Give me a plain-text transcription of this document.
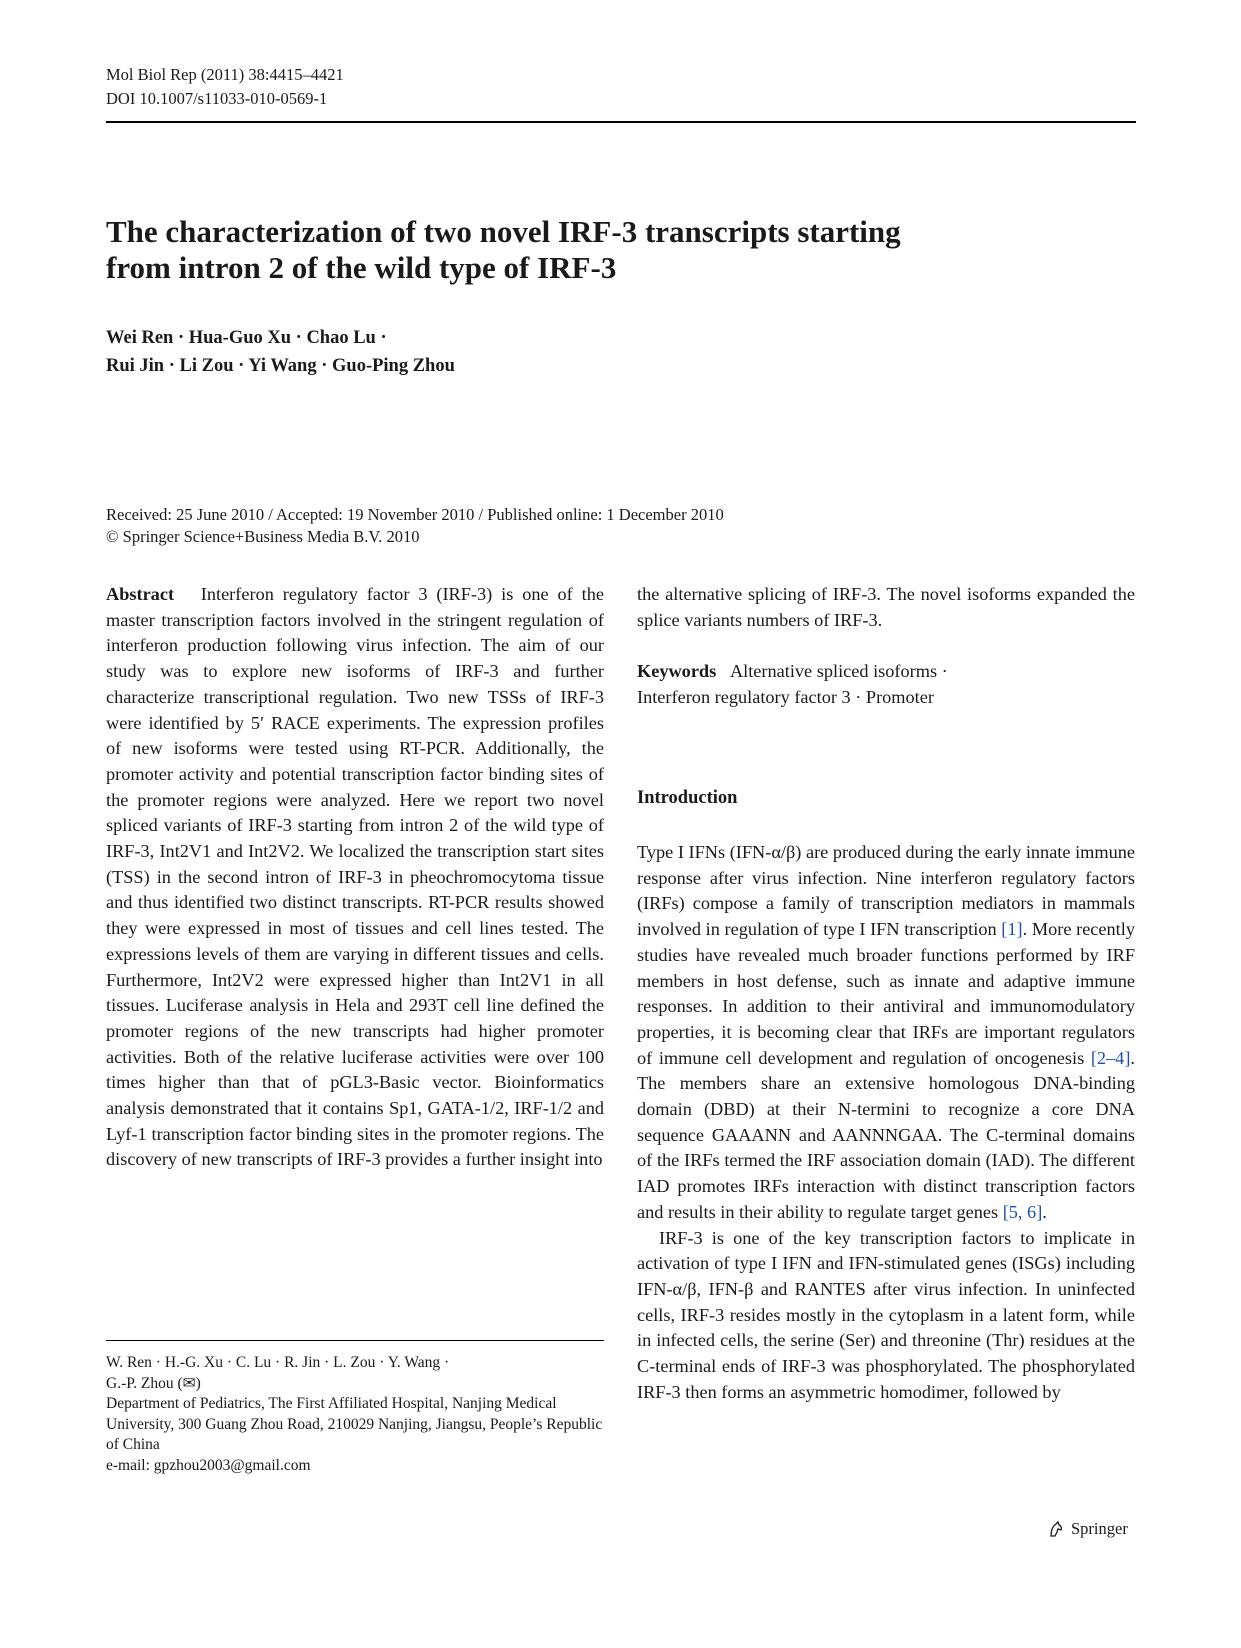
Mol Biol Rep (2011) 38:4415–4421
DOI 10.1007/s11033-010-0569-1
The characterization of two novel IRF-3 transcripts starting
from intron 2 of the wild type of IRF-3
Wei Ren · Hua-Guo Xu · Chao Lu ·
Rui Jin · Li Zou · Yi Wang · Guo-Ping Zhou
Received: 25 June 2010 / Accepted: 19 November 2010 / Published online: 1 December 2010
© Springer Science+Business Media B.V. 2010

Abstract Interferon regulatory factor 3 (IRF-3) is one of the master transcription factors involved in the stringent regulation of interferon production following virus infection. The aim of our study was to explore new isoforms of IRF-3 and further characterize transcriptional regulation. Two new TSSs of IRF-3 were identified by 5′ RACE experiments. The expression profiles of new isoforms were tested using RT-PCR. Additionally, the promoter activity and potential transcription factor binding sites of the promoter regions were analyzed. Here we report two novel spliced variants of IRF-3 starting from intron 2 of the wild type of IRF-3, Int2V1 and Int2V2. We localized the transcription start sites (TSS) in the second intron of IRF-3 in pheochromocytoma tissue and thus identified two distinct transcripts. RT-PCR results showed they were expressed in most of tissues and cell lines tested. The expressions levels of them are varying in different tissues and cells. Furthermore, Int2V2 were expressed higher than Int2V1 in all tissues. Luciferase analysis in Hela and 293T cell line defined the promoter regions of the new transcripts had higher promoter activities. Both of the relative luciferase activities were over 100 times higher than that of pGL3-Basic vector. Bioinformatics analysis demonstrated that it contains Sp1, GATA-1/2, IRF-1/2 and Lyf-1 transcription factor binding sites in the promoter regions. The discovery of new transcripts of IRF-3 provides a further insight into

W. Ren · H.-G. Xu · C. Lu · R. Jin · L. Zou · Y. Wang ·

G.-P. Zhou (✉)

Department of Pediatrics, The First Affiliated Hospital, Nanjing Medical University, 300 Guang Zhou Road, 210029 Nanjing, Jiangsu, People’s Republic of China

e-mail: gpzhou2003@gmail.com

the alternative splicing of IRF-3. The novel isoforms expanded the splice variants numbers of IRF-3.

Keywords Alternative spliced isoforms ·
Interferon regulatory factor 3 · Promoter
Introduction

Type I IFNs (IFN-α/β) are produced during the early innate immune response after virus infection. Nine interferon regulatory factors (IRFs) compose a family of transcription mediators in mammals involved in regulation of type I IFN transcription [1]. More recently studies have revealed much broader functions performed by IRF members in host defense, such as innate and adaptive immune responses. In addition to their antiviral and immunomodulatory properties, it is becoming clear that IRFs are important regulators of immune cell development and regulation of oncogenesis [2–4]. The members share an extensive homologous DNA-binding domain (DBD) at their N-termini to recognize a core DNA sequence GAAANN and AANNNGAA. The C-terminal domains of the IRFs termed the IRF association domain (IAD). The different IAD promotes IRFs interaction with distinct transcription factors and results in their ability to regulate target genes [5, 6].

IRF-3 is one of the key transcription factors to implicate in activation of type I IFN and IFN-stimulated genes (ISGs) including IFN-α/β, IFN-β and RANTES after virus infection. In uninfected cells, IRF-3 resides mostly in the cytoplasm in a latent form, while in infected cells, the serine (Ser) and threonine (Thr) residues at the C-terminal ends of IRF-3 was phosphorylated. The phosphorylated IRF-3 then forms an asymmetric homodimer, followed by

Springer
